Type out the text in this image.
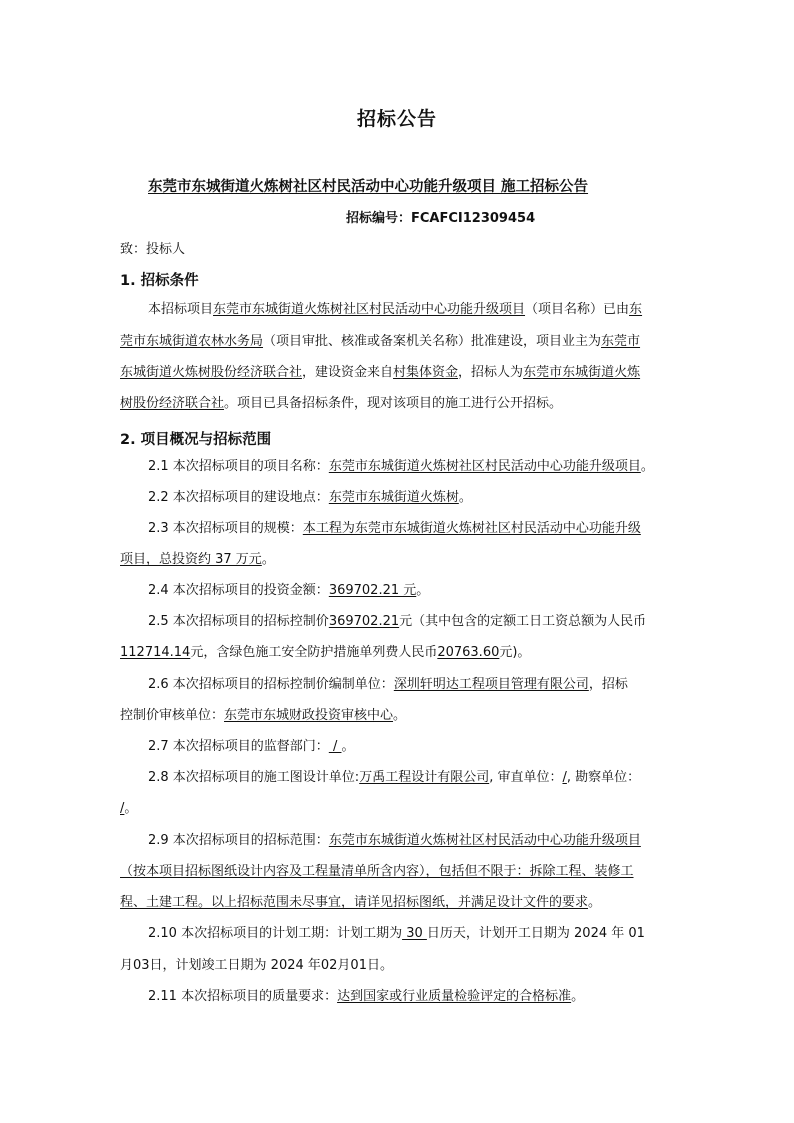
招标公告
东莞市东城街道火炼树社区村民活动中心功能升级项目 施工招标公告
招标编号：FCAFCI12309454
致：投标人
1. 招标条件
本招标项目东莞市东城街道火炼树社区村民活动中心功能升级项目（项目名称）已由东
莞市东城街道农林水务局（项目审批、核准或备案机关名称）批准建设，项目业主为东莞市
东城街道火炼树股份经济联合社，建设资金来自村集体资金，招标人为东莞市东城街道火炼
树股份经济联合社。项目已具备招标条件，现对该项目的施工进行公开招标。
2. 项目概况与招标范围
2.1 本次招标项目的项目名称：东莞市东城街道火炼树社区村民活动中心功能升级项目。
2.2 本次招标项目的建设地点：东莞市东城街道火炼树。
2.3 本次招标项目的规模：本工程为东莞市东城街道火炼树社区村民活动中心功能升级
项目，总投资约 37 万元。
2.4 本次招标项目的投资金额：369702.21 元。
2.5 本次招标项目的招标控制价369702.21元（其中包含的定额工日工资总额为人民币
112714.14元，含绿色施工安全防护措施单列费人民币20763.60元)。
2.6 本次招标项目的招标控制价编制单位：深圳轩明达工程项目管理有限公司，招标
控制价审核单位：东莞市东城财政投资审核中心。
2.7 本次招标项目的监督部门： / 。
2.8 本次招标项目的施工图设计单位:万禹工程设计有限公司, 审直单位：/, 勘察单位：
/。
2.9 本次招标项目的招标范围：东莞市东城街道火炼树社区村民活动中心功能升级项目
（按本项目招标图纸设计内容及工程量清单所含内容），包括但不限于：拆除工程、装修工
程、土建工程。以上招标范围未尽事宜，请详见招标图纸，并满足设计文件的要求。
2.10 本次招标项目的计划工期：计划工期为 30 日历天，计划开工日期为 2024 年 01
月03日，计划竣工日期为 2024 年02月01日。
2.11 本次招标项目的质量要求：达到国家或行业质量检验评定的合格标准。
